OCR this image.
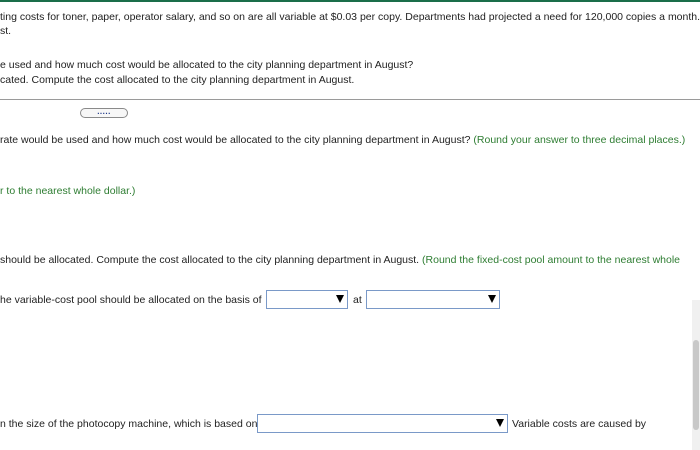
ting costs for toner, paper, operator salary, and so on are all variable at $0.03 per copy. Departments had projected a need for 120,000 copies a month.
st.
e used and how much cost would be allocated to the city planning department in August?
cated. Compute the cost allocated to the city planning department in August.
.....
rate would be used and how much cost would be allocated to the city planning department in August? (Round your answer to three decimal places.)
r to the nearest whole dollar.)
should be allocated. Compute the cost allocated to the city planning department in August. (Round the fixed-cost pool amount to the nearest whole
he variable-cost pool should be allocated on the basis of	at
n the size of the photocopy machine, which is based on	Variable costs are caused by
